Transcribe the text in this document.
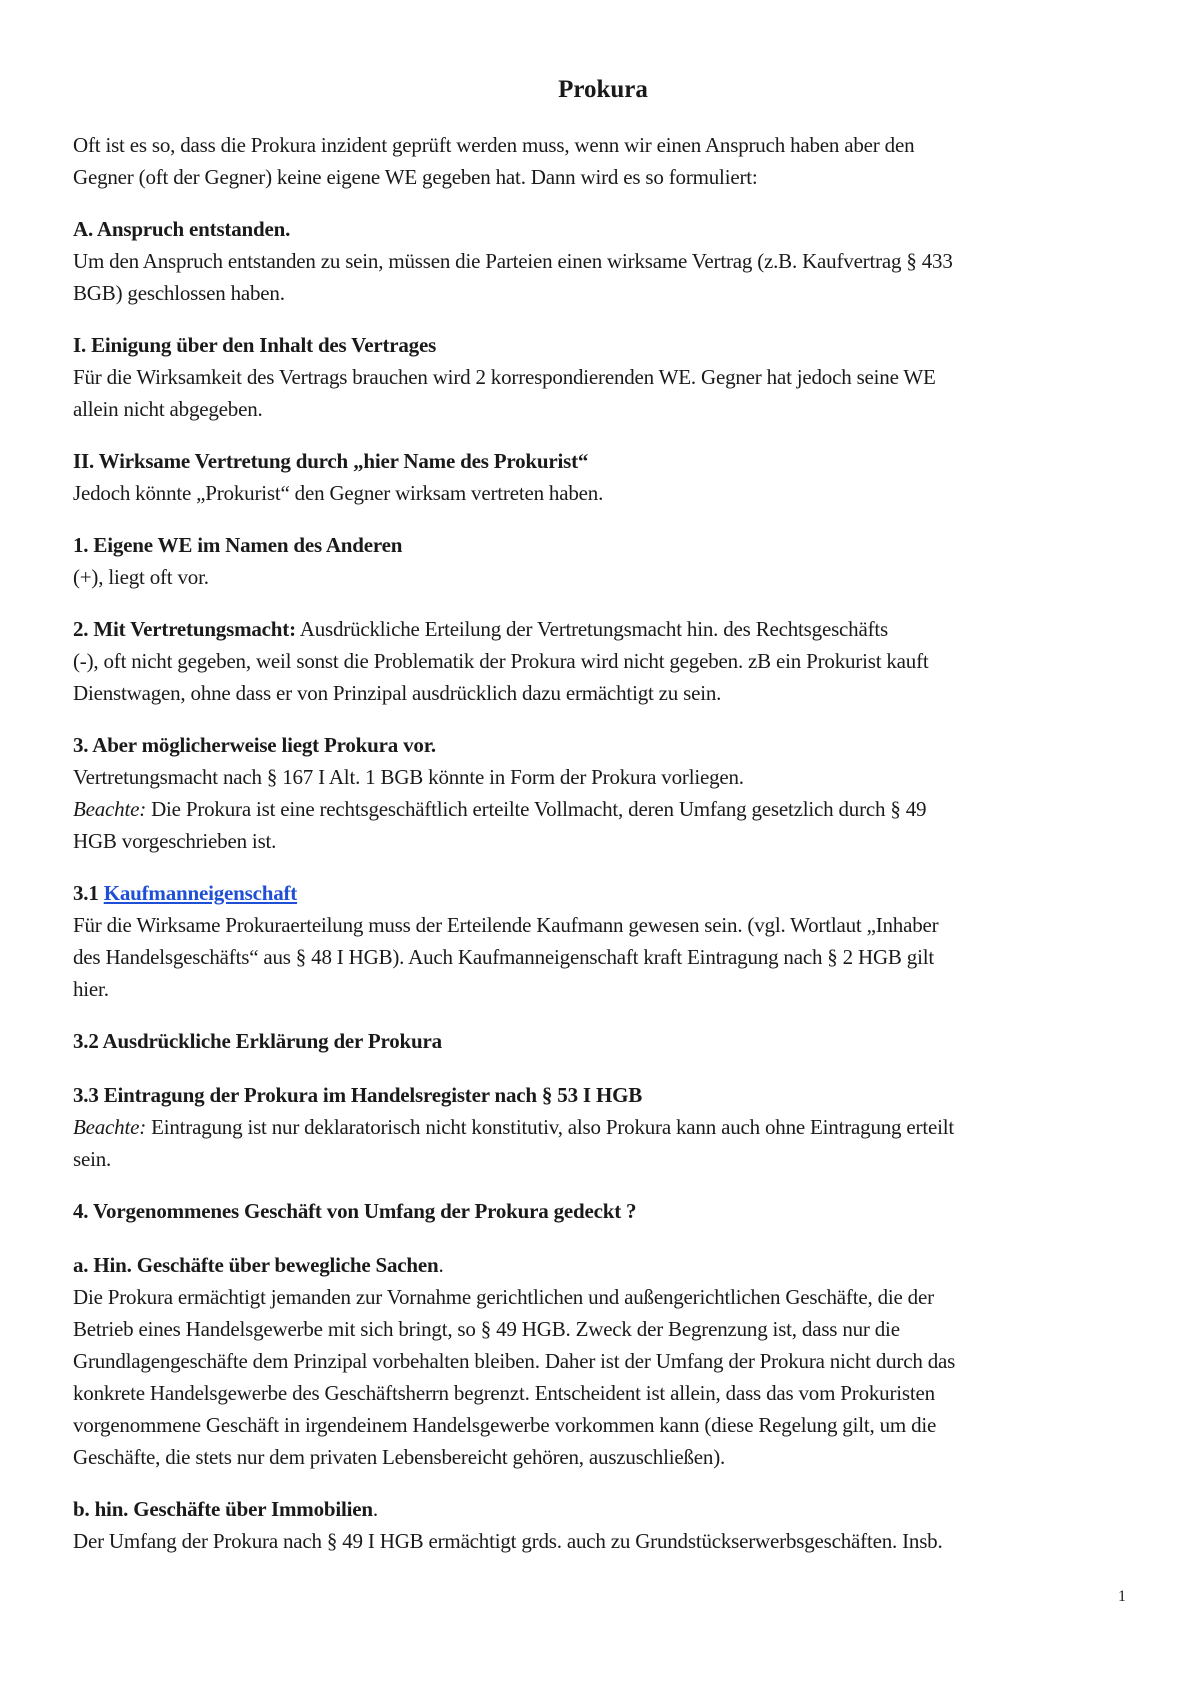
Prokura
Oft ist es so, dass die Prokura inzident geprüft werden muss, wenn wir einen Anspruch haben aber den
Gegner (oft der Gegner) keine eigene WE gegeben hat. Dann wird es so formuliert:
A. Anspruch entstanden.
Um den Anspruch entstanden zu sein, müssen die Parteien einen wirksame Vertrag (z.B. Kaufvertrag § 433
BGB) geschlossen haben.
I. Einigung über den Inhalt des Vertrages
Für die Wirksamkeit des Vertrags brauchen wird 2 korrespondierenden WE. Gegner hat jedoch seine WE
allein nicht abgegeben.
II. Wirksame Vertretung durch „hier Name des Prokurist“
Jedoch könnte „Prokurist“ den Gegner wirksam vertreten haben.
1. Eigene WE im Namen des Anderen
(+), liegt oft vor.
2. Mit Vertretungsmacht: Ausdrückliche Erteilung der Vertretungsmacht hin. des Rechtsgeschäfts
(-), oft nicht gegeben, weil sonst die Problematik der Prokura wird nicht gegeben. zB ein Prokurist kauft
Dienstwagen, ohne dass er von Prinzipal ausdrücklich dazu ermächtigt zu sein.
3. Aber möglicherweise liegt Prokura vor.
Vertretungsmacht nach § 167 I Alt. 1 BGB könnte in Form der Prokura vorliegen.
Beachte: Die Prokura ist eine rechtsgeschäftlich erteilte Vollmacht, deren Umfang gesetzlich durch § 49
HGB vorgeschrieben ist.
3.1 Kaufmanneigenschaft
Für die Wirksame Prokuraerteilung muss der Erteilende Kaufmann gewesen sein. (vgl. Wortlaut „Inhaber
des Handelsgeschäfts“ aus § 48 I HGB). Auch Kaufmanneigenschaft kraft Eintragung nach § 2 HGB gilt
hier.
3.2 Ausdrückliche Erklärung der Prokura
3.3 Eintragung der Prokura im Handelsregister nach § 53 I HGB
Beachte: Eintragung ist nur deklaratorisch nicht konstitutiv, also Prokura kann auch ohne Eintragung erteilt
sein.
4. Vorgenommenes Geschäft von Umfang der Prokura gedeckt ?
a. Hin. Geschäfte über bewegliche Sachen.
Die Prokura ermächtigt jemanden zur Vornahme gerichtlichen und außengerichtlichen Geschäfte, die der
Betrieb eines Handelsgewerbe mit sich bringt, so § 49 HGB. Zweck der Begrenzung ist, dass nur die
Grundlagengeschäfte dem Prinzipal vorbehalten bleiben. Daher ist der Umfang der Prokura nicht durch das
konkrete Handelsgewerbe des Geschäftsherrn begrenzt. Entscheident ist allein, dass das vom Prokuristen
vorgenommene Geschäft in irgendeinem Handelsgewerbe vorkommen kann (diese Regelung gilt, um die
Geschäfte, die stets nur dem privaten Lebensbereicht gehören, auszuschließen).
b. hin. Geschäfte über Immobilien.
Der Umfang der Prokura nach § 49 I HGB ermächtigt grds. auch zu Grundstückserwerbsgeschäften. Insb.
1
